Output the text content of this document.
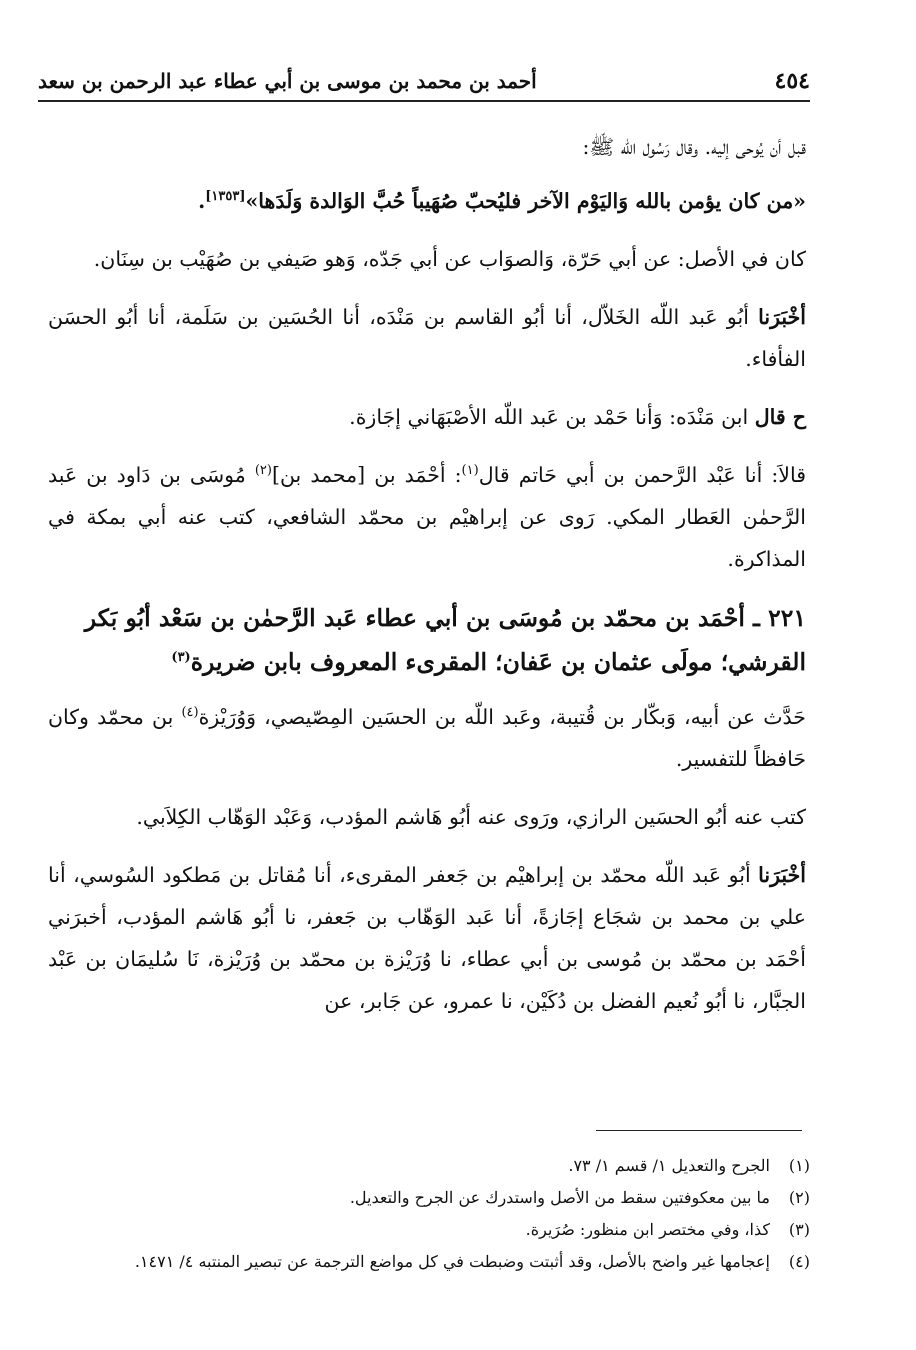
٤٥٤
أحمد بن محمد بن موسى بن أبي عطاء عبد الرحمن بن سعد

قبل أن يُوحى إليه. وقال رَسُول الله ﷺ:

«من كان يؤمن بالله وَاليَوْم الآخر فليُحبّ صُهَيباً حُبَّ الوَالدة وَلَدَها»[١٣٥٣].

كان في الأصل: عن أبي حَرّة، وَالصوَاب عن أبي جَدّه، وَهو صَيفي بن صُهَيْب بن سِنَان.

أخْبَرَنا أبُو عَبد اللّه الخَلاّل، أنا أبُو القاسم بن مَنْدَه، أنا الحُسَين بن سَلَمة، أنا أبُو الحسَن الفأفاء.

ح قال ابن مَنْدَه: وَأنا حَمْد بن عَبد اللّه الأصْبَهَاني إجَازة.

قالاَ: أنا عَبْد الرَّحمن بن أبي حَاتم قال$^{(١)}$: أحْمَد بن [محمد بن]$^{(٢)}$ مُوسَى بن دَاود بن عَبد الرَّحمٰن العَطار المكي. رَوى عن إبراهيْم بن محمّد الشافعي، كتب عنه أبي بمكة في المذاكرة.

٢٢١ ـ أحْمَد بن محمّد بن مُوسَى بن أبي عطاء عَبد الرَّحمٰن بن سَعْد أبُو بَكر القرشي؛ مولَى عثمان بن عَفان؛ المقرىء المعروف بابن ضريرة$^{(٣)}$

حَدَّث عن أبيه، وَبكّار بن قُتيبة، وعَبد اللّه بن الحسَين المِصّيصي، وَوُرَيْزة$^{(٤)}$ بن محمّد وكان حَافظاً للتفسير.

كتب عنه أبُو الحسَين الرازي، ورَوى عنه أبُو هَاشم المؤدب، وَعَبْد الوَهّاب الكِلاَبي.

أخْبَرَنا أبُو عَبد اللّه محمّد بن إبراهيْم بن جَعفر المقرىء، أنا مُقاتل بن مَطكود السُوسي، أنا علي بن محمد بن شجَاع إجَازةً، أنا عَبد الوَهّاب بن جَعفر، نا أبُو هَاشم المؤدب، أخبرَني أحْمَد بن محمّد بن مُوسى بن أبي عطاء، نا وُرَيْزة بن محمّد بن وُرَيْزة، نَا سُليمَان بن عَبْد الجبَّار، نا أبُو نُعيم الفضل بن دُكَيْن، نا عمرو، عن جَابر، عن

(١)
الجرح والتعديل ١/ قسم ١/ ٧٣.
(٢)
ما بين معكوفتين سقط من الأصل واستدرك عن الجرح والتعديل.
(٣)
كذا، وفي مختصر ابن منظور: صُرَيرة.
(٤)
إعجامها غير واضح بالأصل، وقد أثبتت وضبطت في كل مواضع الترجمة عن تبصير المنتبه ٤/ ١٤٧١.
